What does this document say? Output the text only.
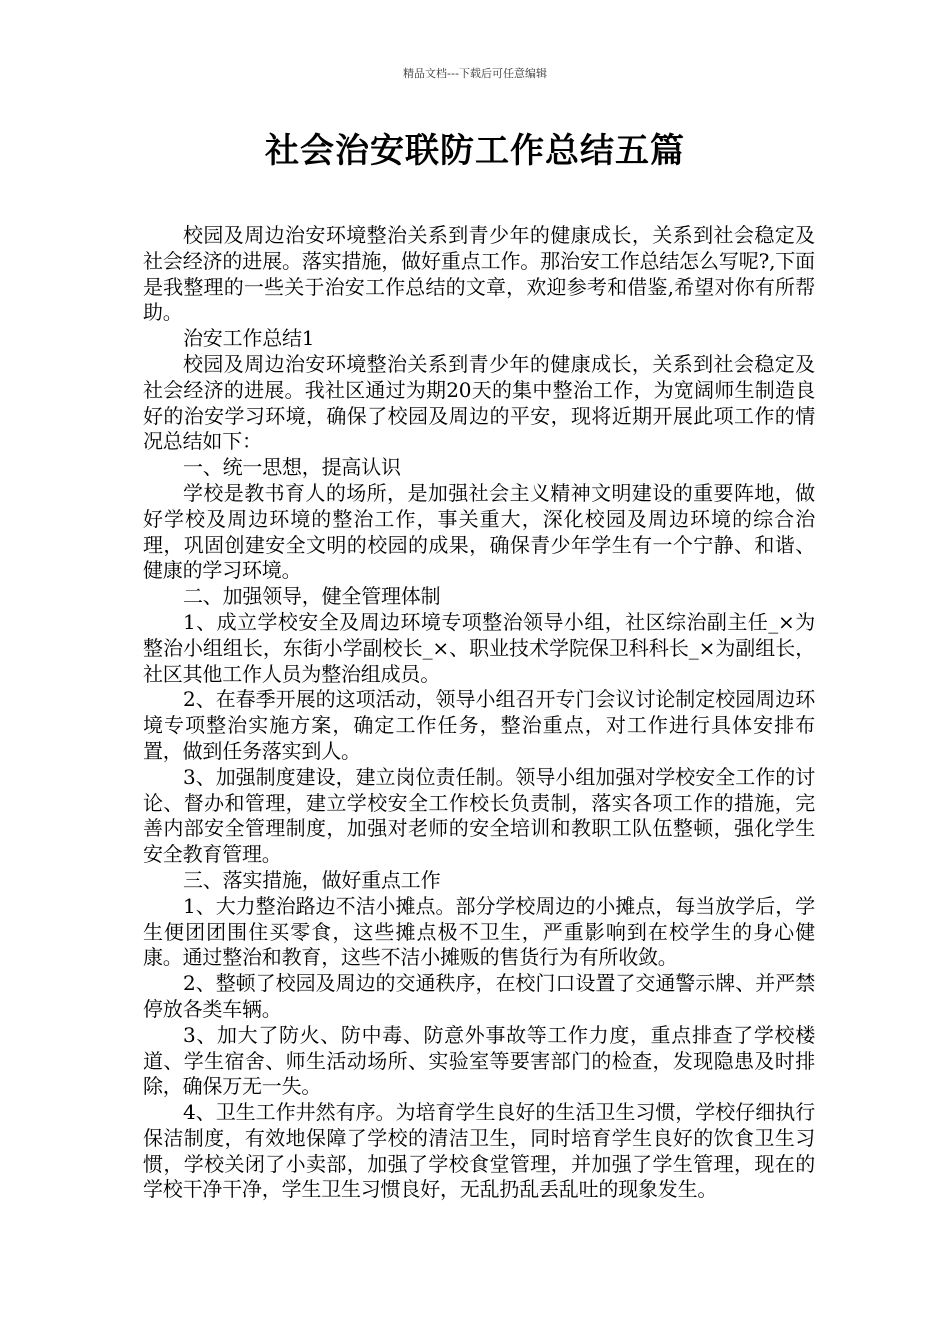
精品文档---下载后可任意编辑
社会治安联防工作总结五篇

校园及周边治安环境整治关系到青少年的健康成长，关系到社会稳定及社会经济的进展。落实措施，做好重点工作。那治安工作总结怎么写呢?,下面是我整理的一些关于治安工作总结的文章，欢迎参考和借鉴,希望对你有所帮助。

治安工作总结1

校园及周边治安环境整治关系到青少年的健康成长，关系到社会稳定及社会经济的进展。我社区通过为期20天的集中整治工作，为宽阔师生制造良好的治安学习环境，确保了校园及周边的平安，现将近期开展此项工作的情况总结如下：

一、统一思想，提高认识

学校是教书育人的场所，是加强社会主义精神文明建设的重要阵地，做好学校及周边环境的整治工作，事关重大，深化校园及周边环境的综合治理，巩固创建安全文明的校园的成果，确保青少年学生有一个宁静、和谐、健康的学习环境。

二、加强领导，健全管理体制

1、成立学校安全及周边环境专项整治领导小组，社区综治副主任_×为整治小组组长，东街小学副校长_×、职业技术学院保卫科科长_×为副组长，社区其他工作人员为整治组成员。

2、在春季开展的这项活动，领导小组召开专门会议讨论制定校园周边环境专项整治实施方案，确定工作任务，整治重点，对工作进行具体安排布置，做到任务落实到人。

3、加强制度建设，建立岗位责任制。领导小组加强对学校安全工作的讨论、督办和管理，建立学校安全工作校长负责制，落实各项工作的措施，完善内部安全管理制度，加强对老师的安全培训和教职工队伍整顿，强化学生安全教育管理。

三、落实措施，做好重点工作

1、大力整治路边不洁小摊点。部分学校周边的小摊点，每当放学后，学生便团团围住买零食，这些摊点极不卫生，严重影响到在校学生的身心健康。通过整治和教育，这些不洁小摊贩的售货行为有所收敛。

2、整顿了校园及周边的交通秩序，在校门口设置了交通警示牌、并严禁停放各类车辆。

3、加大了防火、防中毒、防意外事故等工作力度，重点排查了学校楼道、学生宿舍、师生活动场所、实验室等要害部门的检查，发现隐患及时排除，确保万无一失。

4、卫生工作井然有序。为培育学生良好的生活卫生习惯，学校仔细执行保洁制度，有效地保障了学校的清洁卫生，同时培育学生良好的饮食卫生习惯，学校关闭了小卖部，加强了学校食堂管理，并加强了学生管理，现在的学校干净干净，学生卫生习惯良好，无乱扔乱丢乱吐的现象发生。
